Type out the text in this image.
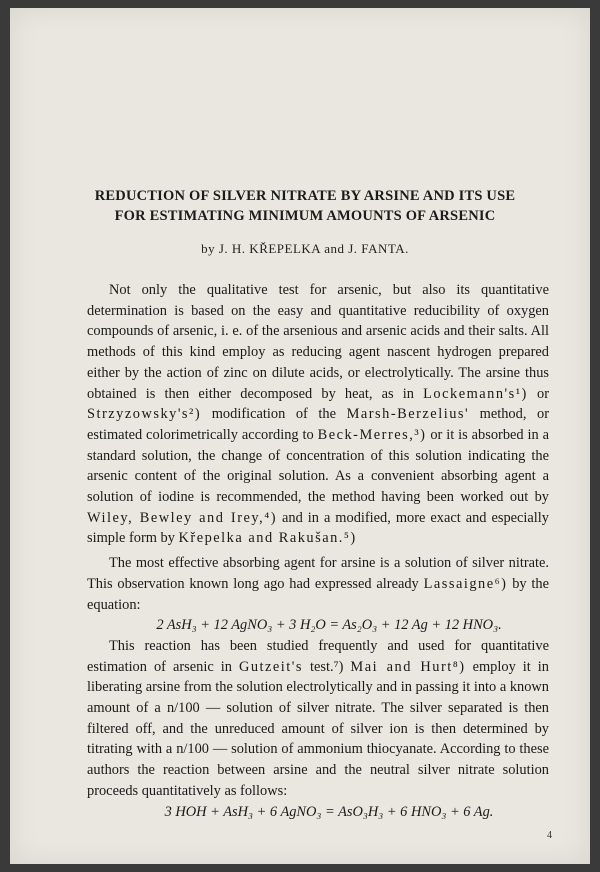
REDUCTION OF SILVER NITRATE BY ARSINE AND ITS USE
FOR ESTIMATING MINIMUM AMOUNTS OF ARSENIC
by J. H. KŘEPELKA and J. FANTA.

Not only the qualitative test for arsenic, but also its quantitative determination is based on the easy and quantitative reducibility of oxygen compounds of arsenic, i. e. of the arsenious and arsenic acids and their salts. All methods of this kind employ as reducing agent nascent hydrogen prepared either by the action of zinc on dilute acids, or electrolytically. The arsine thus obtained is then either decomposed by heat, as in Lockemann's¹) or Strzyzowsky's²) modification of the Marsh-Berzelius' method, or estimated colorimetrically according to Beck-Merres,³) or it is absorbed in a standard solution, the change of concentration of this solution indicating the arsenic content of the original solution. As a convenient absorbing agent a solution of iodine is recommended, the method having been worked out by Wiley, Bewley and Irey,⁴) and in a modified, more exact and especially simple form by Křepelka and Rakušan.⁵)

The most effective absorbing agent for arsine is a solution of silver nitrate. This observation known long ago had expressed already Lassaigne⁶) by the equation:

2 AsH₃ + 12 AgNO₃ + 3 H₂O = As₂O₃ + 12 Ag + 12 HNO₃.

This reaction has been studied frequently and used for quantitative estimation of arsenic in Gutzeit's test.⁷) Mai and Hurt⁸) employ it in liberating arsine from the solution electrolytically and in passing it into a known amount of a n/100 — solution of silver nitrate. The silver separated is then filtered off, and the unreduced amount of silver ion is then determined by titrating with a n/100 — solution of ammonium thiocyanate. According to these authors the reaction between arsine and the neutral silver nitrate solution proceeds quantitatively as follows:

3 HOH + AsH₃ + 6 AgNO₃ = AsO₃H₃ + 6 HNO₃ + 6 Ag.

4
